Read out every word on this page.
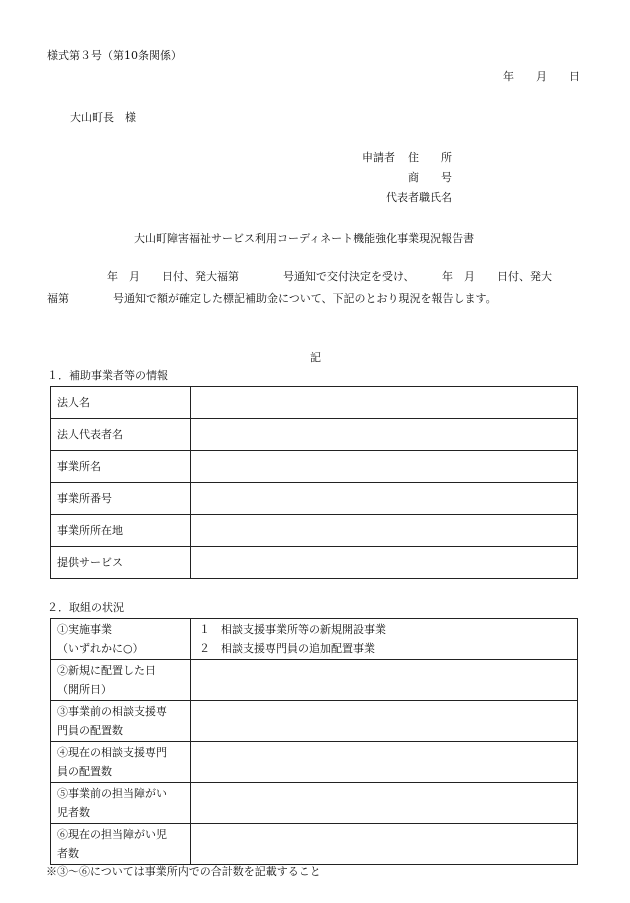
様式第３号（第10条関係）
年　　月　　日
大山町長　様
申請者 住　　所
商　　号
代表者職氏名
大山町障害福祉サービス利用コーディネート機能強化事業現況報告書
年　月　　日付、発大福第　　　　号通知で交付決定を受け、　　　年　月　　日付、発大
福第　　　　号通知で額が確定した標記補助金について、下記のとおり現況を報告します。
記
１．補助事業者等の情報
法人名	
法人代表者名	
事業所名	
事業所番号	
事業所所在地	
提供サービス	
２．取組の状況
①実施事業
（いずれかに○）	１　相談支援事業所等の新規開設事業
２　相談支援専門員の追加配置事業

②新規に配置した日
（開所日）	

③事業前の相談支援専
門員の配置数	

④現在の相談支援専門
員の配置数	

⑤事業前の担当障がい
児者数	

⑥現在の担当障がい児
者数	

※③～⑥については事業所内での合計数を記載すること
